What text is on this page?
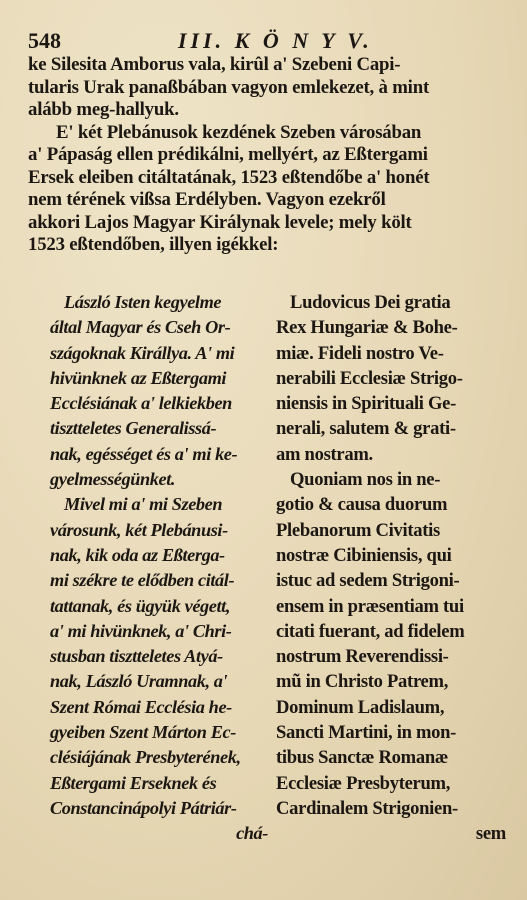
548	III. K Ö N Y V.
ke Silesita Amborus vala, kirûl a' Szebeni Capi-
tularis Urak panaßbában vagyon emlekezet, à mint
alább meg-hallyuk.
E' két Plebánusok kezdének Szeben városában
a' Pápaság ellen prédikálni, mellyért, az Eßtergami
Ersek eleiben citáltatának, 1523 eßtendőbe a' honét
nem térének vißsa Erdélyben. Vagyon ezekről
akkori Lajos Magyar Királynak levele; mely költ
1523 eßtendőben, illyen igékkel:
László Isten kegyelme
által Magyar és Cseh Or-
szágoknak Királlya. A' mi
hivünknek az Eßtergami
Ecclésiának a' lelkiekben
tisztteletes Generalissá-
nak, egésséget és a' mi ke-
gyelmességünket.
Mivel mi a' mi Szeben
városunk, két Plebánusi-
nak, kik oda az Eßterga-
mi székre te elődben citál-
tattanak, és ügyük végett,
a' mi hivünknek, a' Chri-
stusban tisztteletes Atyá-
nak, László Uramnak, a'
Szent Római Ecclésia he-
gyeiben Szent Márton Ec-
clésiájának Presbyterének,
Eßtergami Erseknek és
Constancinápolyi Pátriár-
chá-
Ludovicus Dei gratia
Rex Hungariæ & Bohe-
miæ. Fideli nostro Ve-
nerabili Ecclesiæ Strigo-
niensis in Spirituali Ge-
nerali, salutem & grati-
am nostram.
Quoniam nos in ne-
gotio & causa duorum
Plebanorum Civitatis
nostræ Cibiniensis, qui
istuc ad sedem Strigoni-
ensem in præsentiam tui
citati fuerant, ad fidelem
nostrum Reverendissi-
mũ in Christo Patrem,
Dominum Ladislaum,
Sancti Martini, in mon-
tibus Sanctæ Romanæ
Ecclesiæ Presbyterum,
Cardinalem Strigonien-
sem
